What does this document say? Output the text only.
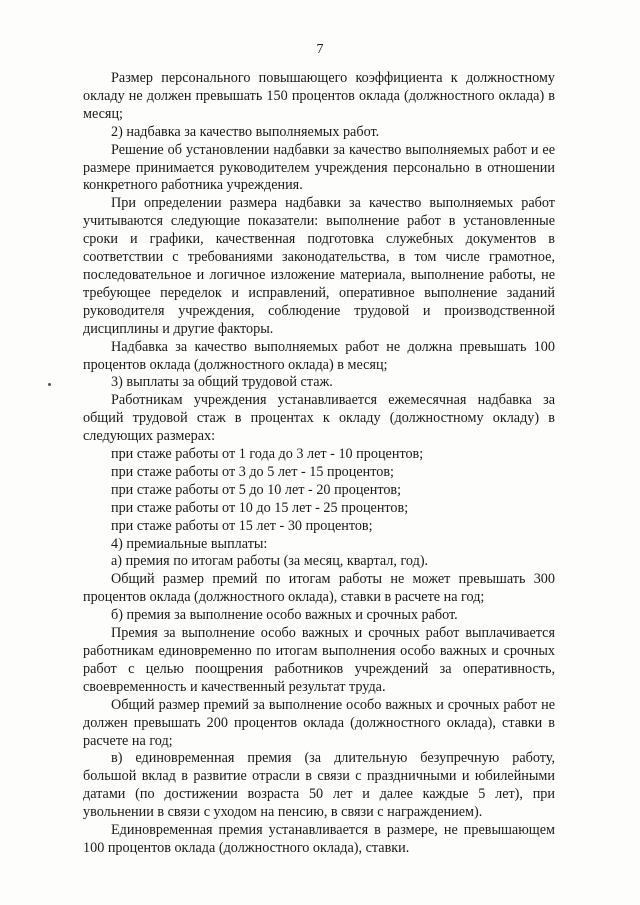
7

Размер персонального повышающего коэффициента к должностному окладу не должен превышать 150 процентов оклада (должностного оклада) в месяц;

2) надбавка за качество выполняемых работ.

Решение об установлении надбавки за качество выполняемых работ и ее размере принимается руководителем учреждения персонально в отношении конкретного работника учреждения.

При определении размера надбавки за качество выполняемых работ учитываются следующие показатели: выполнение работ в установленные сроки и графики, качественная подготовка служебных документов в соответствии с требованиями законодательства, в том числе грамотное, последовательное и логичное изложение материала, выполнение работы, не требующее переделок и исправлений, оперативное выполнение заданий руководителя учреждения, соблюдение трудовой и производственной дисциплины и другие факторы.

Надбавка за качество выполняемых работ не должна превышать 100 процентов оклада (должностного оклада) в месяц;

3) выплаты за общий трудовой стаж.

Работникам учреждения устанавливается ежемесячная надбавка за общий трудовой стаж в процентах к окладу (должностному окладу) в следующих размерах:

при стаже работы от 1 года до 3 лет - 10 процентов;

при стаже работы от 3 до 5 лет - 15 процентов;

при стаже работы от 5 до 10 лет - 20 процентов;

при стаже работы от 10 до 15 лет - 25 процентов;

при стаже работы от 15 лет - 30 процентов;

4) премиальные выплаты:

а) премия по итогам работы (за месяц, квартал, год).

Общий размер премий по итогам работы не может превышать 300 процентов оклада (должностного оклада), ставки в расчете на год;

б) премия за выполнение особо важных и срочных работ.

Премия за выполнение особо важных и срочных работ выплачивается работникам единовременно по итогам выполнения особо важных и срочных работ с целью поощрения работников учреждений за оперативность, своевременность и качественный результат труда.

Общий размер премий за выполнение особо важных и срочных работ не должен превышать 200 процентов оклада (должностного оклада), ставки в расчете на год;

в) единовременная премия (за длительную безупречную работу, большой вклад в развитие отрасли в связи с праздничными и юбилейными датами (по достижении возраста 50 лет и далее каждые 5 лет), при увольнении в связи с уходом на пенсию, в связи с награждением).

Единовременная премия устанавливается в размере, не превышающем 100 процентов оклада (должностного оклада), ставки.
